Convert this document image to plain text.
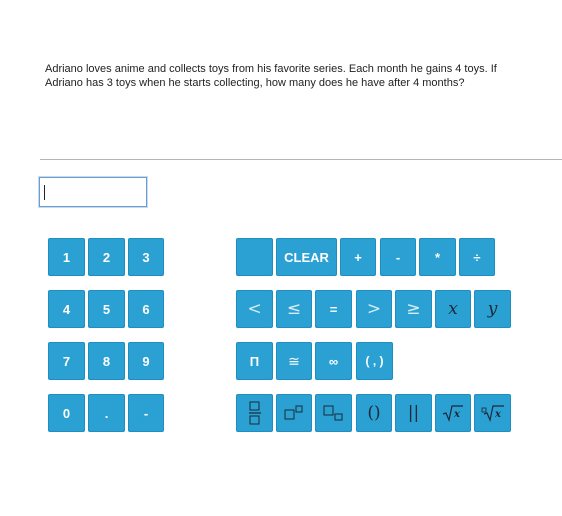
Adriano loves anime and collects toys from his favorite series. Each month he gains 4 toys. If
Adriano has 3 toys when he starts collecting, how many does he have after 4 months?
1	2	3
4	5	6
7	8	9
0	.	-
CLEAR	+	-	*	÷
<	≤	=	>	≥	x	y
Π	≅	∞	( , )
()	||	x	x
